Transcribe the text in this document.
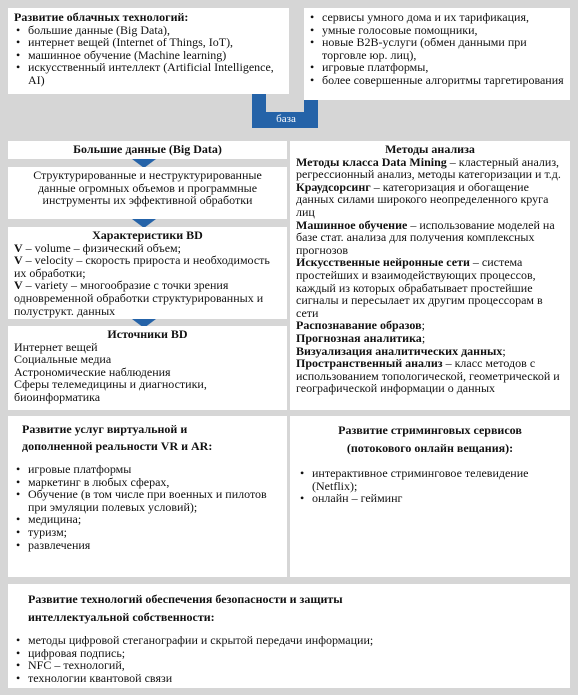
Развитие облачных технологий:
• большие данные (Big Data),
• интернет вещей (Internet of Things, IoT),
• машинное обучение (Machine learning)
• искусственный интеллект (Artificial Intelligence, AI)
• сервисы умного дома и их тарификация,
• умные голосовые помощники,
• новые B2B-услуги (обмен данными при торговле юр. лиц),
• игровые платформы,
• более совершенные алгоритмы таргетирования
база
Большие данные (Big Data)
Структурированные и неструктурированные данные огромных объемов и программные инструменты их эффективной обработки
Характеристики BD
V – volume – физический объем;
V – velocity – скорость прироста и необходимость их обработки;
V – variety – многообразие с точки зрения одновременной обработки структурированных и полуструкт. данных
Источники BD
Интернет вещей
Социальные медиа
Астрономические наблюдения
Сферы телемедицины и диагностики, биоинформатика
Методы анализа
Методы класса Data Mining – кластерный анализ, регрессионный анализ, методы категоризации и т.д.
Краудсорсинг – категоризация и обогащение данных силами широкого неопределенного круга лиц
Машинное обучение – использование моделей на базе стат. анализа для получения комплексных прогнозов
Искусственные нейронные сети – система простейших и взаимодействующих процессов, каждый из которых обрабатывает простейшие сигналы и пересылает их другим процессорам в сети
Распознавание образов;
Прогнозная аналитика;
Визуализация аналитических данных;
Пространственный анализ – класс методов с использованием топологической, геометрической и географической информации о данных
Развитие услуг виртуальной и дополненной реальности VR и AR:
• игровые платформы
• маркетинг в любых сферах,
• Обучение (в том числе при военных и пилотов при эмуляции полевых условий);
• медицина;
• туризм;
• развлечения
Развитие стриминговых сервисов (потокового онлайн вещания):
• интерактивное стриминговое телевидение (Netflix);
• онлайн – гейминг
Развитие технологий обеспечения безопасности и защиты интеллектуальной собственности:
• методы цифровой стеганографии и скрытой передачи информации;
• цифровая подпись;
• NFC – технологий,
• технологии квантовой связи
